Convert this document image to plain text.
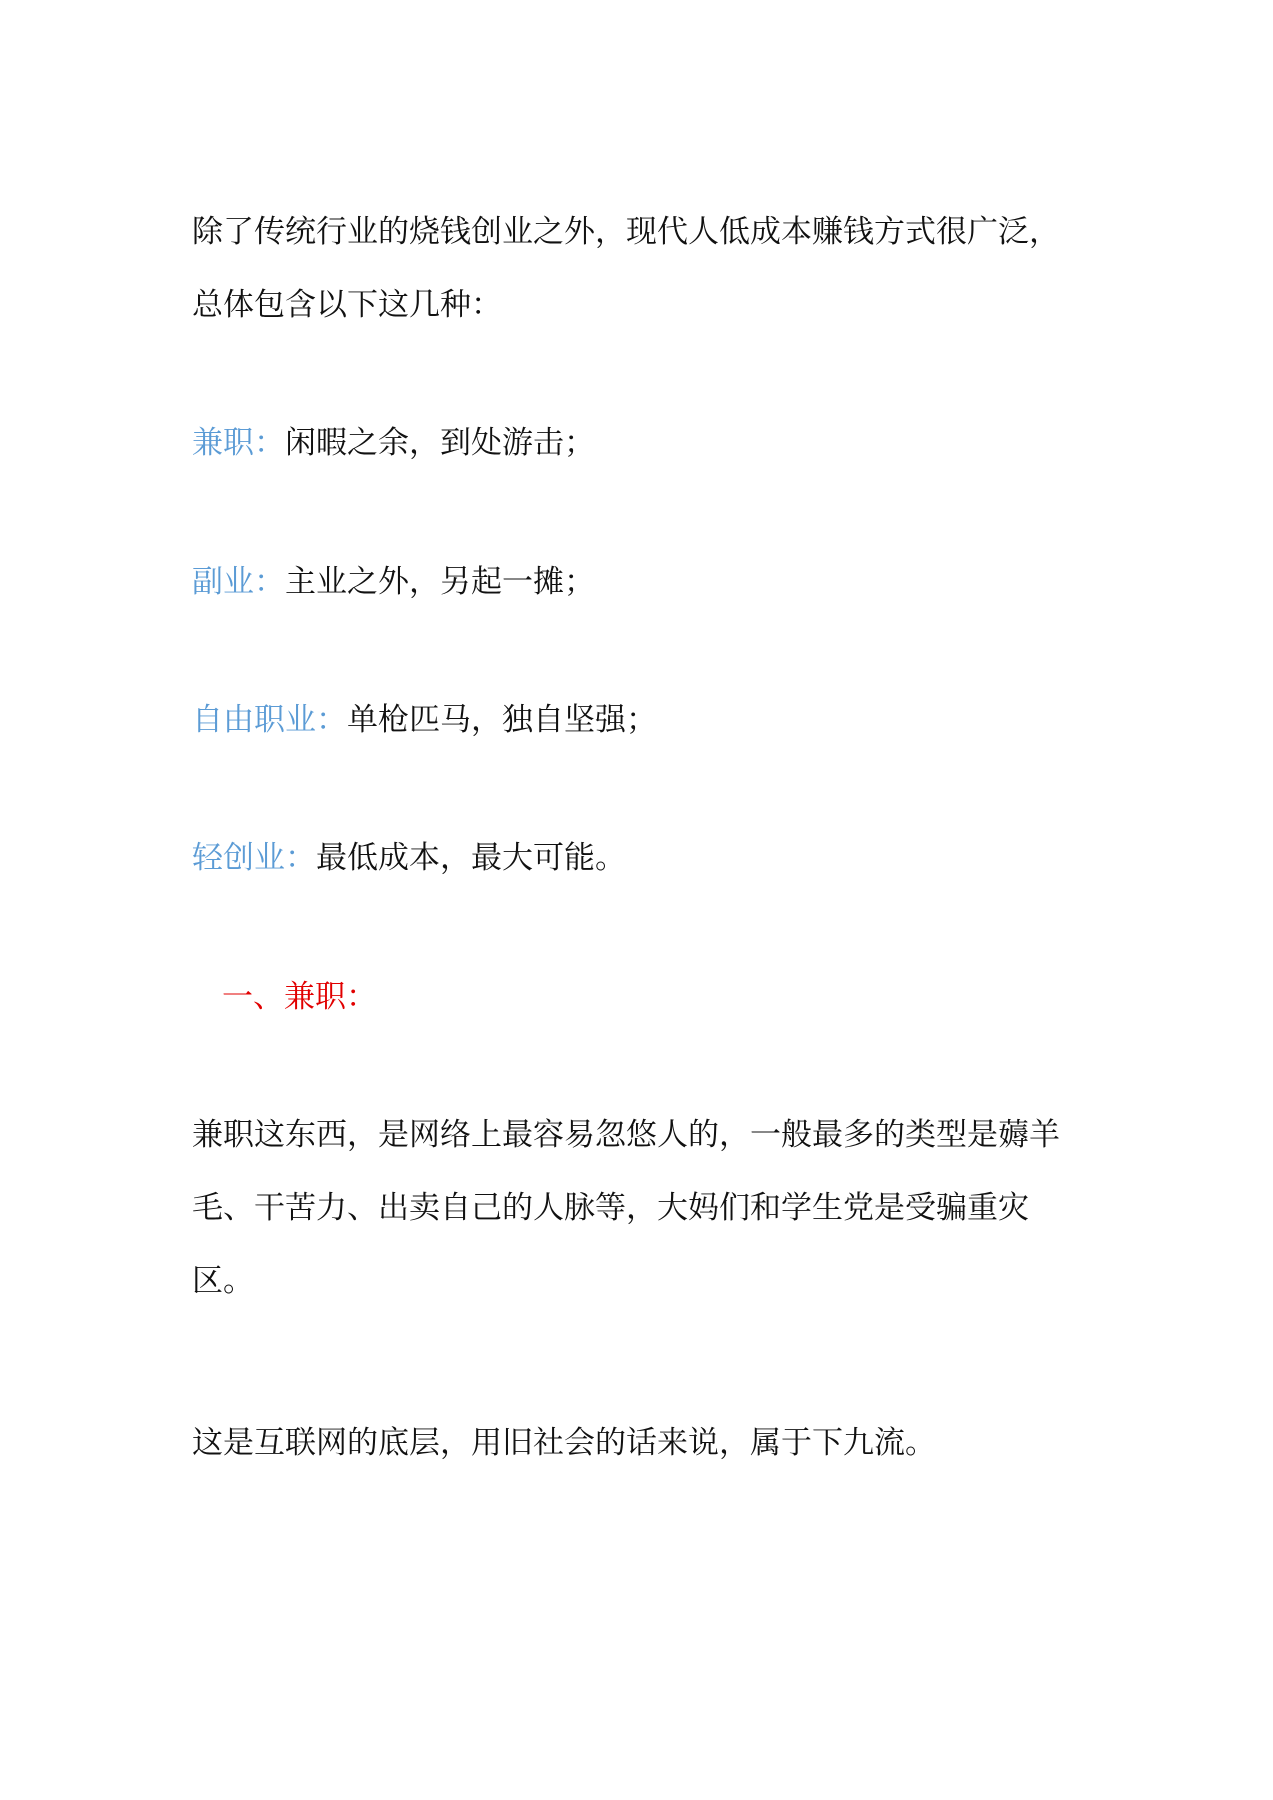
除了传统行业的烧钱创业之外，现代人低成本赚钱方式很广泛，
总体包含以下这几种：
兼职：闲暇之余，到处游击；
副业：主业之外，另起一摊；
自由职业：单枪匹马，独自坚强；
轻创业：最低成本，最大可能。
一、兼职：
兼职这东西，是网络上最容易忽悠人的，一般最多的类型是薅羊
毛、干苦力、出卖自己的人脉等，大妈们和学生党是受骗重灾
区。
这是互联网的底层，用旧社会的话来说，属于下九流。
